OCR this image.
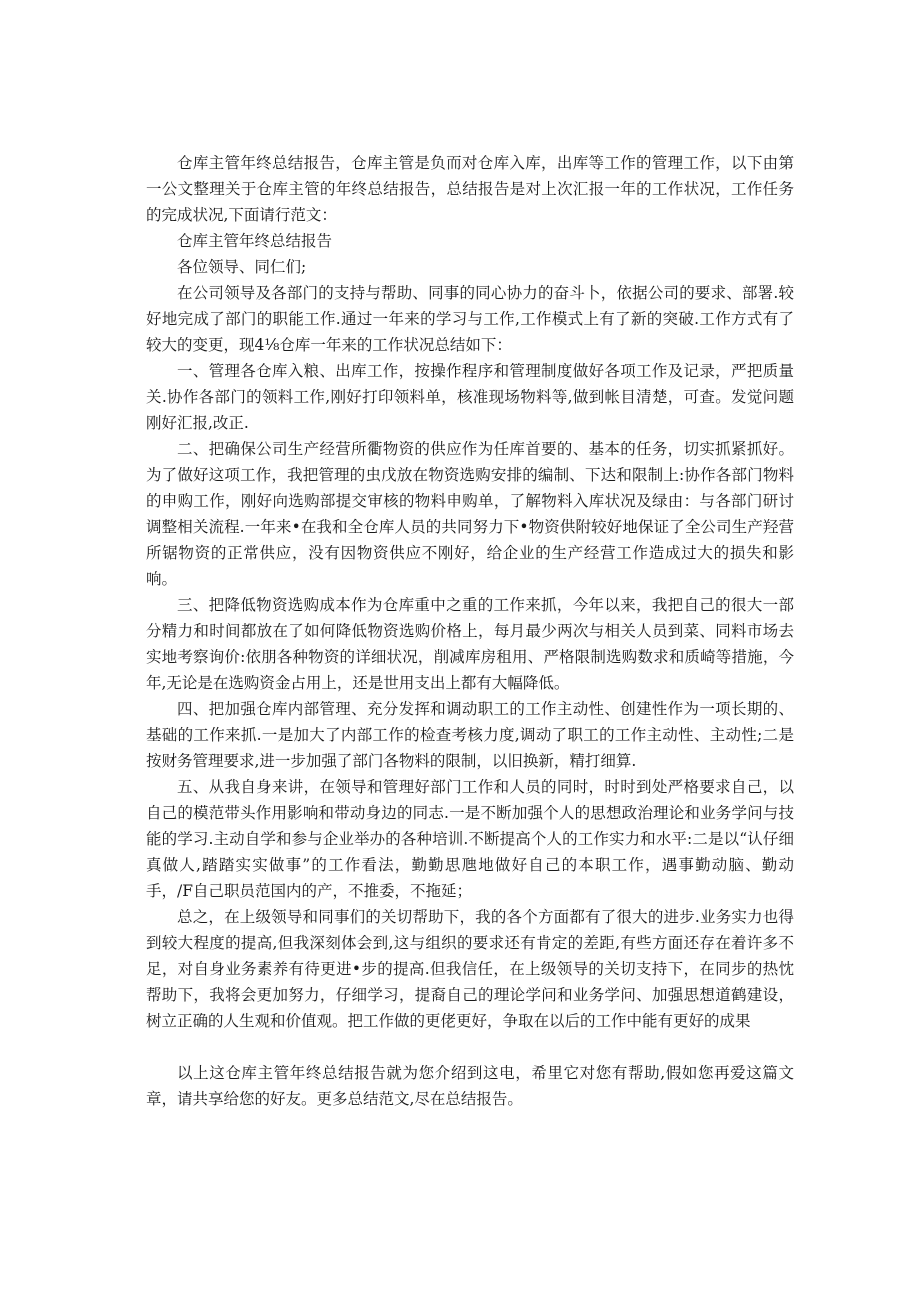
仓库主管年终总结报告，仓库主管是负而对仓库入库，出库等工作的管理工作，以下由第一公文整理关于仓库主管的年终总结报告，总结报告是对上次汇报一年的工作状况，工作任务的完成状况,下面请行范文：

仓库主管年终总结报告

各位领导、同仁们;

在公司领导及各部门的支持与帮助、同事的同心协力的奋斗卜，依据公司的要求、部署.较好地完成了部门的职能工作.通过一年来的学习与工作,工作模式上有了新的突破.工作方式有了较大的变更，现4⅛仓库一年来的工作状况总结如下：

一、管理各仓库入粮、出库工作，按操作程序和管理制度做好各项工作及记录，严把质量关.协作各部门的领料工作,刚好打印领料单，核准现场物料等,做到帐目清楚，可查。发觉问题刚好汇报,改正.

二、把确保公司生产经营所衢物资的供应作为任库首要的、基本的任务，切实抓紧抓好。为了做好这项工作，我把管理的虫戊放在物资选购安排的编制、下达和限制上:协作各部门物料的申购工作，刚好向选购部提交审核的物料申购单，了解物料入库状况及绿由：与各部门研讨调整相关流程.一年来•在我和全仓库人员的共同努力下•物资供附较好地保证了全公司生产羟营所锯物资的正常供应，没有因物资供应不刚好，给企业的生产经营工作造成过大的损失和影响。

三、把降低物资选购成本作为仓库重中之重的工作来抓，今年以来，我把自己的很大一部分精力和时间都放在了如何降低物资选购价格上，每月最少两次与相关人员到菜、同料市场去实地考察询价:依朋各种物资的详细状况，削减库房租用、严格限制选购数求和质崎等措施，今年,无论是在选购资金占用上，还是世用支出上都有大幅降低。

四、把加强仓库内部管理、充分发挥和调动职工的工作主动性、创建性作为一项长期的、基础的工作来抓.一是加大了内部工作的检查考核力度,调动了职工的工作主动性、主动性;二是按财务管理要求,进一步加强了部门各物料的限制，以旧换新，精打细算.

五、从我自身来讲，在领导和管理好部门工作和人员的同时，时时到处严格要求自己，以自己的模范带头作用影响和带动身边的同志.一是不断加强个人的思想政治理论和业务学问与技能的学习.主动自学和参与企业举办的各种培训.不断提高个人的工作实力和水平:二是以“认仔细真做人,踏踏实实做事”的工作看法，勤勤思虺地做好自己的本职工作，遇事勤动脑、勤动手，/F自己职员范国内的产，不推委，不拖延；

总之，在上级领导和同事们的关切帮助下，我的各个方面都有了很大的进步.业务实力也得到较大程度的提高,但我深刻体会到,这与组织的要求还有肯定的差距,有些方面还存在着许多不足，对自身业务素养有待更进•步的提高.但我信任，在上级领导的关切支持下，在同步的热忱帮助下，我将会更加努力，仔细学习，提裔自己的理论学问和业务学问、加强思想道鹤建设，树立正确的人生观和价值观。把工作做的更佬更好，争取在以后的工作中能有更好的成果

以上这仓库主管年终总结报告就为您介绍到这电，希里它对您有帮助,假如您再爱这篇文章，请共享给您的好友。更多总结范文,尽在总结报告。
